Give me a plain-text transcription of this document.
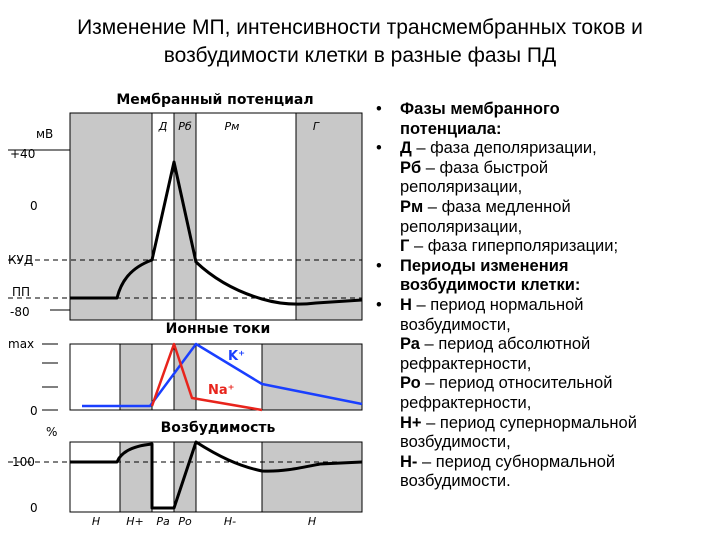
Изменение МП, интенсивности трансмембранных токов и
возбудимости клетки в разные фазы ПД
Мембранный потенциал
мВ
Д Рб	Рм	Г
+40
0
КУД
ПП
-80
Ионные токи
max
0
K⁺
Na⁺
Возбудимость
%
100
0
Н Н+ Ра Ро	Н-	Н
• Фазы мембранного
потенциала:
• Д – фаза деполяризации,
Рб – фаза быстрой
реполяризации,
Рм – фаза медленной
реполяризации,
Г – фаза гиперполяризации;
• Периоды изменения
возбудимости клетки:
• Н – период нормальной
возбудимости,
Ра – период абсолютной
рефрактерности,
Ро – период относительной
рефрактерности,
Н+ – период супернормальной
возбудимости,
Н- – период субнормальной
возбудимости.
